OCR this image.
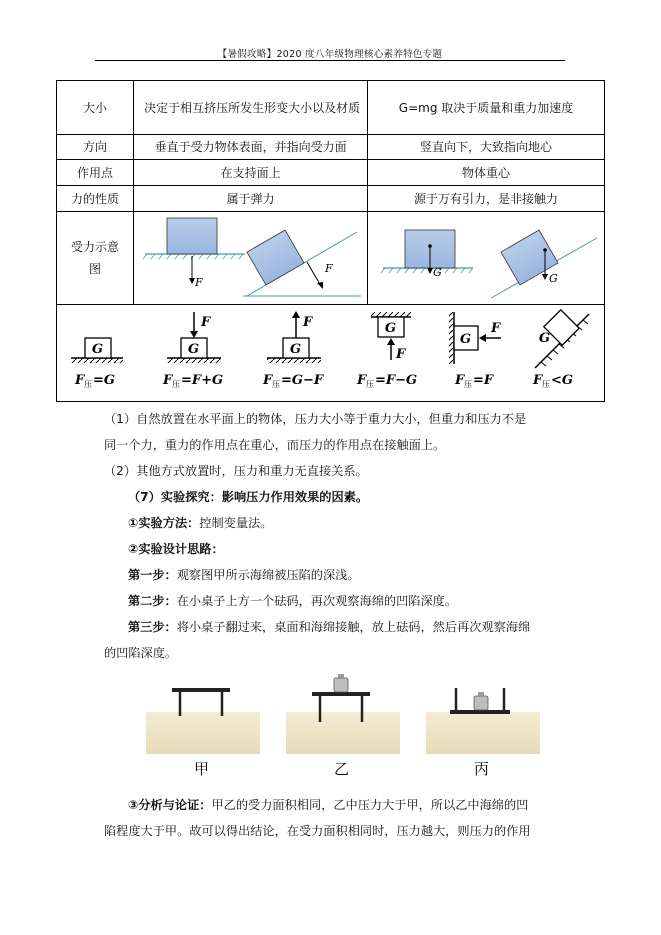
【暑假攻略】2020 度八年级物理核心素养特色专题
大小	决定于相互挤压所发生形变大小以及材质	G=mg 取决于质量和重力加速度
方向	垂直于受力物体表面，并指向受力面	竖直向下，大致指向地心
作用点	在支持面上	物体重心
力的性质	属于弹力	源于万有引力，是非接触力
受力示意图	F
F	G G
G
F 压 =G
G
F
F 压 =F+G
G
F
F 压 =G−F
G
F
F 压 =F−G
G
F
F 压 =F
G
F 压 <G
（1）自然放置在水平面上的物体，压力大小等于重力大小，但重力和压力不是
同一个力，重力的作用点在重心，而压力的作用点在接触面上。
（2）其他方式放置时，压力和重力无直接关系。
（7）实验探究：影响压力作用效果的因素。
①实验方法：控制变量法。
②实验设计思路：
第一步：观察图甲所示海绵被压陷的深浅。
第二步：在小桌子上方一个砝码，再次观察海绵的凹陷深度。
第三步：将小桌子翻过来，桌面和海绵接触，放上砝码，然后再次观察海绵
的凹陷深度。
甲	乙	丙
③分析与论证：甲乙的受力面积相同，乙中压力大于甲，所以乙中海绵的凹
陷程度大于甲。故可以得出结论，在受力面积相同时，压力越大，则压力的作用
